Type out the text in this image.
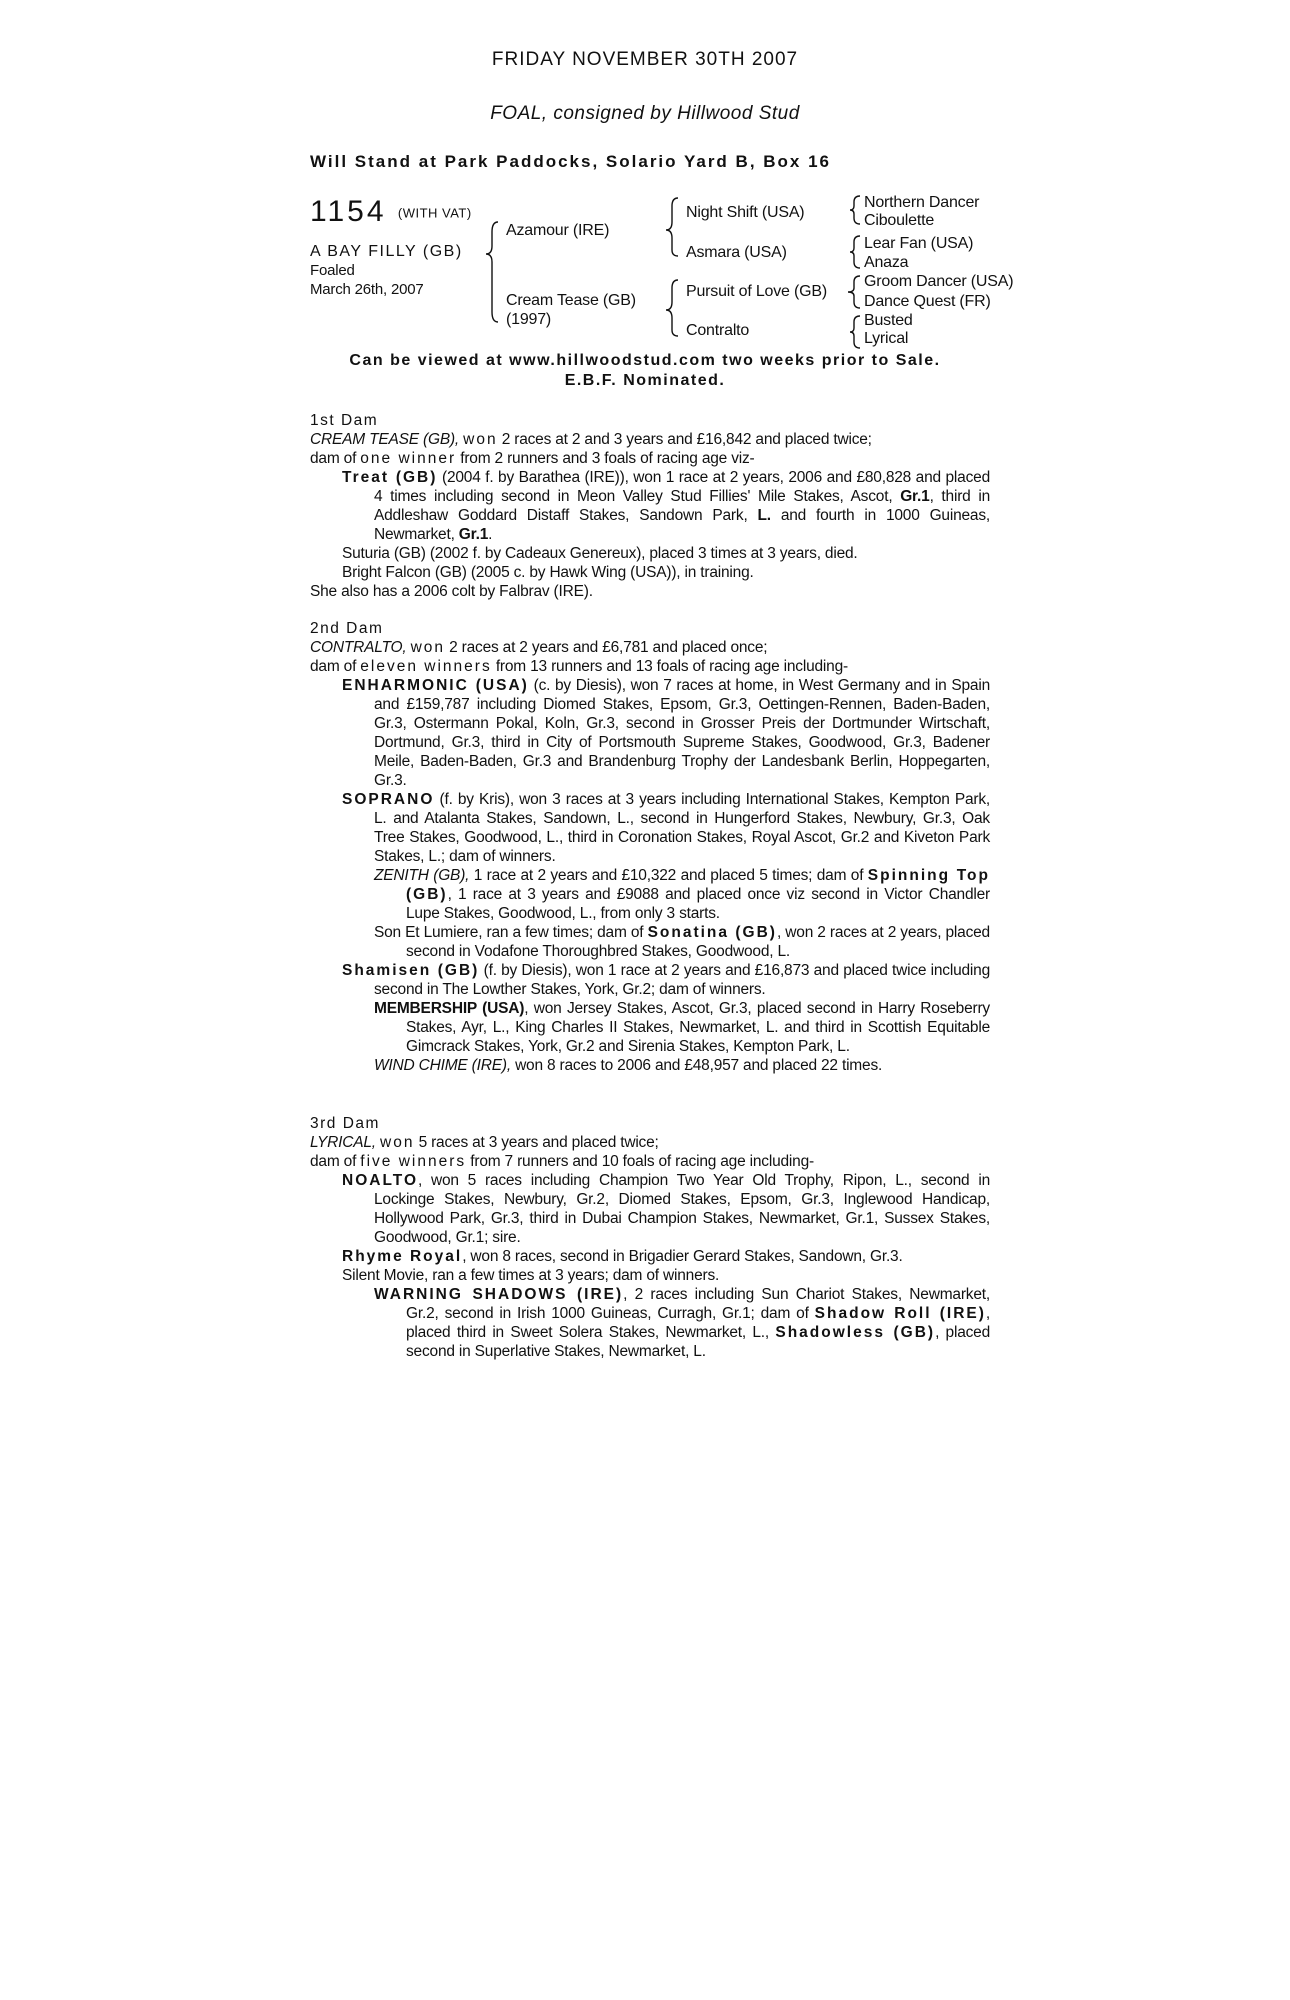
FRIDAY NOVEMBER 30TH 2007
FOAL, consigned by Hillwood Stud
Will Stand at Park Paddocks, Solario Yard B, Box 16
1154 (WITH VAT)
A BAY FILLY (GB)
Foaled
March 26th, 2007
Azamour (IRE)
Cream Tease (GB)
(1997)
Night Shift (USA)
Asmara (USA)
Pursuit of Love (GB)
Contralto
Northern Dancer
Ciboulette
Lear Fan (USA)
Anaza
Groom Dancer (USA)
Dance Quest (FR)
Busted
Lyrical
Can be viewed at www.hillwoodstud.com two weeks prior to Sale.
E.B.F. Nominated.

1st Dam

CREAM TEASE (GB), won 2 races at 2 and 3 years and £16,842 and placed twice;

dam of one winner from 2 runners and 3 foals of racing age viz-

Treat (GB) (2004 f. by Barathea (IRE)), won 1 race at 2 years, 2006 and £80,828 and placed 4 times including second in Meon Valley Stud Fillies' Mile Stakes, Ascot, Gr.1, third in Addleshaw Goddard Distaff Stakes, Sandown Park, L. and fourth in 1000 Guineas, Newmarket, Gr.1.

Suturia (GB) (2002 f. by Cadeaux Genereux), placed 3 times at 3 years, died.

Bright Falcon (GB) (2005 c. by Hawk Wing (USA)), in training.

She also has a 2006 colt by Falbrav (IRE).

2nd Dam

CONTRALTO, won 2 races at 2 years and £6,781 and placed once;

dam of eleven winners from 13 runners and 13 foals of racing age including-

ENHARMONIC (USA) (c. by Diesis), won 7 races at home, in West Germany and in Spain and £159,787 including Diomed Stakes, Epsom, Gr.3, Oettingen-Rennen, Baden-Baden, Gr.3, Ostermann Pokal, Koln, Gr.3, second in Grosser Preis der Dortmunder Wirtschaft, Dortmund, Gr.3, third in City of Portsmouth Supreme Stakes, Goodwood, Gr.3, Badener Meile, Baden-Baden, Gr.3 and Brandenburg Trophy der Landesbank Berlin, Hoppegarten, Gr.3.

SOPRANO (f. by Kris), won 3 races at 3 years including International Stakes, Kempton Park, L. and Atalanta Stakes, Sandown, L., second in Hungerford Stakes, Newbury, Gr.3, Oak Tree Stakes, Goodwood, L., third in Coronation Stakes, Royal Ascot, Gr.2 and Kiveton Park Stakes, L.; dam of winners.

ZENITH (GB), 1 race at 2 years and £10,322 and placed 5 times; dam of Spinning Top (GB), 1 race at 3 years and £9088 and placed once viz second in Victor Chandler Lupe Stakes, Goodwood, L., from only 3 starts.

Son Et Lumiere, ran a few times; dam of Sonatina (GB), won 2 races at 2 years, placed second in Vodafone Thoroughbred Stakes, Goodwood, L.

Shamisen (GB) (f. by Diesis), won 1 race at 2 years and £16,873 and placed twice including second in The Lowther Stakes, York, Gr.2; dam of winners.

MEMBERSHIP (USA), won Jersey Stakes, Ascot, Gr.3, placed second in Harry Roseberry Stakes, Ayr, L., King Charles II Stakes, Newmarket, L. and third in Scottish Equitable Gimcrack Stakes, York, Gr.2 and Sirenia Stakes, Kempton Park, L.

WIND CHIME (IRE), won 8 races to 2006 and £48,957 and placed 22 times.

3rd Dam

LYRICAL, won 5 races at 3 years and placed twice;

dam of five winners from 7 runners and 10 foals of racing age including-

NOALTO, won 5 races including Champion Two Year Old Trophy, Ripon, L., second in Lockinge Stakes, Newbury, Gr.2, Diomed Stakes, Epsom, Gr.3, Inglewood Handicap, Hollywood Park, Gr.3, third in Dubai Champion Stakes, Newmarket, Gr.1, Sussex Stakes, Goodwood, Gr.1; sire.

Rhyme Royal, won 8 races, second in Brigadier Gerard Stakes, Sandown, Gr.3.

Silent Movie, ran a few times at 3 years; dam of winners.

WARNING SHADOWS (IRE), 2 races including Sun Chariot Stakes, Newmarket, Gr.2, second in Irish 1000 Guineas, Curragh, Gr.1; dam of Shadow Roll (IRE), placed third in Sweet Solera Stakes, Newmarket, L., Shadowless (GB), placed second in Superlative Stakes, Newmarket, L.
